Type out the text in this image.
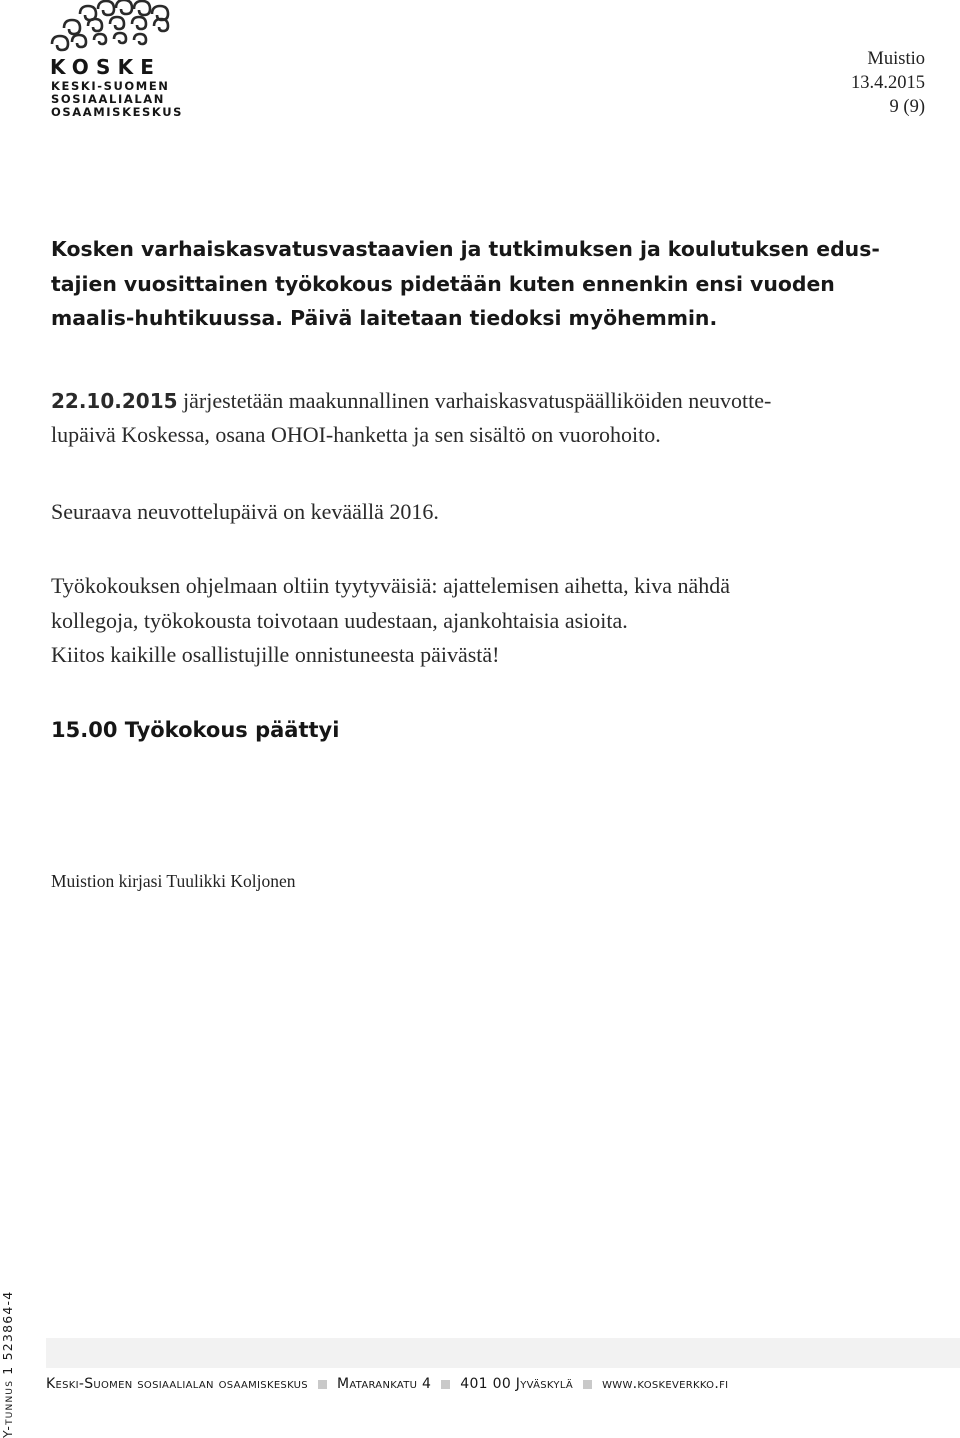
KOSKE
KESKI-SUOMEN
SOSIAALIALAN
OSAAMISKESKUS
Muistio
13.4.2015
9 (9)

Kosken varhaiskasvatusvastaavien ja tutkimuksen ja koulutuksen edus-

tajien vuosittainen työkokous pidetään kuten ennenkin ensi vuoden

maalis-huhtikuussa. Päivä laitetaan tiedoksi myöhemmin.

22.10.2015 järjestetään maakunnallinen varhaiskasvatuspäälliköiden neuvotte-

lupäivä Koskessa, osana OHOI-hanketta ja sen sisältö on vuorohoito.

Seuraava neuvottelupäivä on keväällä 2016.

Työkokouksen ohjelmaan oltiin tyytyväisiä: ajattelemisen aihetta, kiva nähdä

kollegoja, työkokousta toivotaan uudestaan, ajankohtaisia asioita.

Kiitos kaikille osallistujille onnistuneesta päivästä!

15.00 Työkokous päättyi

Muistion kirjasi Tuulikki Koljonen
Keski-Suomen sosiaalialan osaamiskeskus Matarankatu 4 401 00 Jyväskylä www.koskeverkko.fi
Y-tunnus 1 523864-4
